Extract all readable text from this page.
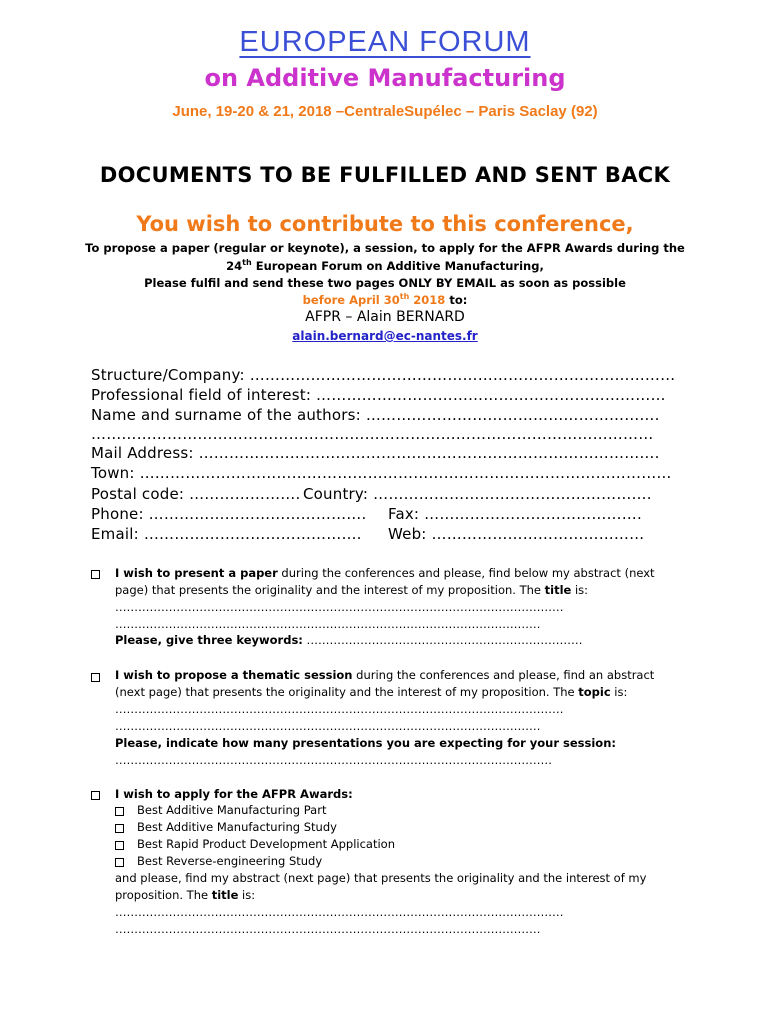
EUROPEAN FORUM
on Additive Manufacturing
June, 19-20 & 21, 2018 –CentraleSupélec – Paris Saclay (92)
DOCUMENTS TO BE FULFILLED AND SENT BACK
You wish to contribute to this conference,
To propose a paper (regular or keynote), a session, to apply for the AFPR Awards during the
24th European Forum on Additive Manufacturing,
Please fulfil and send these two pages ONLY BY EMAIL as soon as possible
before April 30th 2018 to:
AFPR – Alain BERNARD
alain.bernard@ec-nantes.fr
Structure/Company: …………………………………………………………………………
Professional field of interest: ……………………………………………………………
Name and surname of the authors: ………………………………………………….
…………………………………………………………………………………………………
Mail Address: ……………………………………………………………………………….
Town: ……………………………………………………………………………………………
Postal code: …………………. Country: ……………………………………………….
Phone: ……………………………………. Fax: …………………………………….
Email: ……………………………………. Web: ……………………………………
I wish to present a paper during the conferences and please, find below my abstract (next
page) that presents the originality and the interest of my proposition. The title is:
………………………………………………………………………………………………………
…………………………………………………………………………………………………
Please, give three keywords: ………………………………………………………………
I wish to propose a thematic session during the conferences and please, find an abstract
(next page) that presents the originality and the interest of my proposition. The topic is:
………………………………………………………………………………………………………
…………………………………………………………………………………………………
Please, indicate how many presentations you are expecting for your session:
……………………………………………………………………………………………………
I wish to apply for the AFPR Awards:
Best Additive Manufacturing Part
Best Additive Manufacturing Study
Best Rapid Product Development Application
Best Reverse-engineering Study
and please, find my abstract (next page) that presents the originality and the interest of my
proposition. The title is:
………………………………………………………………………………………………………
…………………………………………………………………………………………………
